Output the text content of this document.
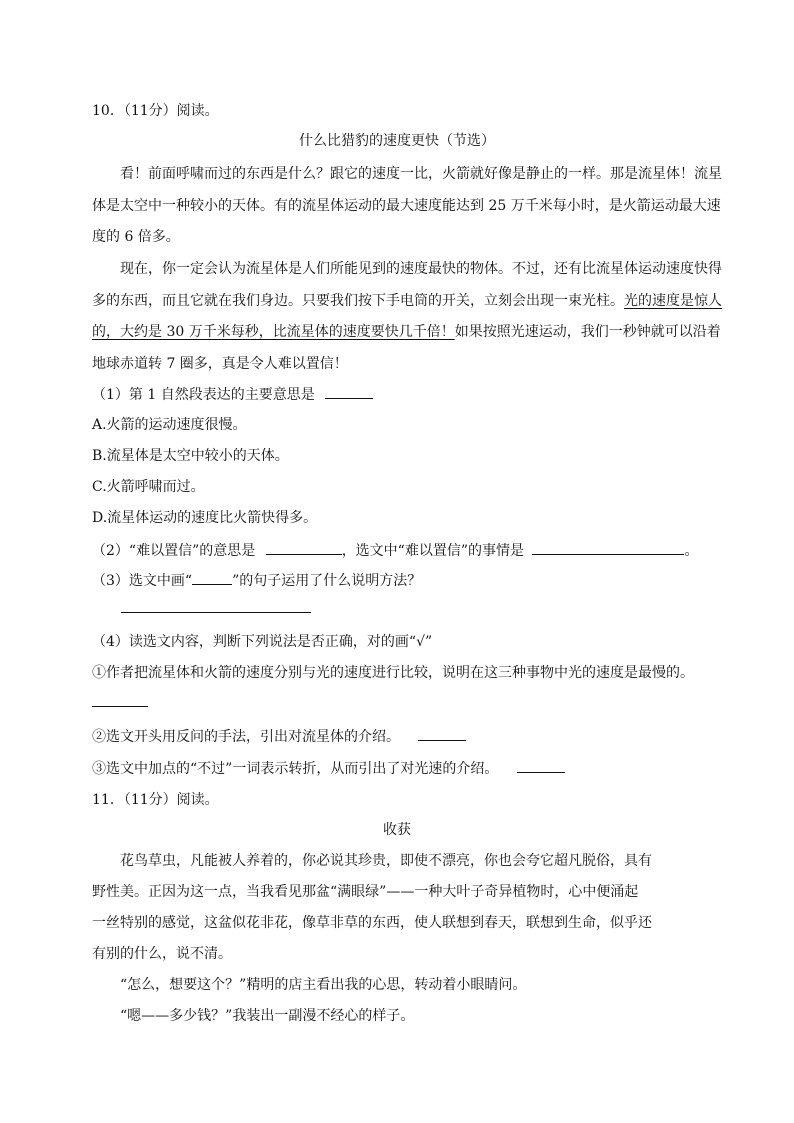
10．（11分）阅读。
什么比猎豹的速度更快（节选）
看！前面呼啸而过的东西是什么？跟它的速度一比，火箭就好像是静止的一样。那是流星体！流星
体是太空中一种较小的天体。有的流星体运动的最大速度能达到 25 万千米每小时，是火箭运动最大速
度的 6 倍多。
现在，你一定会认为流星体是人们所能见到的速度最快的物体。不过，还有比流星体运动速度快得
多的东西，而且它就在我们身边。只要我们按下手电筒的开关，立刻会出现一束光柱。光的速度是惊人
的，大约是 30 万千米每秒，比流星体的速度要快几千倍！如果按照光速运动，我们一秒钟就可以沿着
地球赤道转 7 圈多，真是令人难以置信！
（1）第 1 自然段表达的主要意思是
A.火箭的运动速度很慢。
B.流星体是太空中较小的天体。
C.火箭呼啸而过。
D.流星体运动的速度比火箭快得多。
（2）“难以置信”的意思是	，选文中“难以置信”的事情是	。
（3）选文中画“	”的句子运用了什么说明方法？
（4）读选文内容，判断下列说法是否正确，对的画“√”
①作者把流星体和火箭的速度分别与光的速度进行比较，说明在这三种事物中光的速度是最慢的。
②选文开头用反问的手法，引出对流星体的介绍。
③选文中加点的“不过”一词表示转折，从而引出了对光速的介绍。
11．（11分）阅读。
收获
花鸟草虫，凡能被人养着的，你必说其珍贵，即使不漂亮，你也会夸它超凡脱俗，具有
野性美。正因为这一点，当我看见那盆“满眼绿”——一种大叶子奇异植物时，心中便涌起
一丝特别的感觉，这盆似花非花，像草非草的东西，使人联想到春天，联想到生命，似乎还
有别的什么，说不清。
“怎么，想要这个？”精明的店主看出我的心思，转动着小眼睛问。
“嗯——多少钱？”我装出一副漫不经心的样子。
